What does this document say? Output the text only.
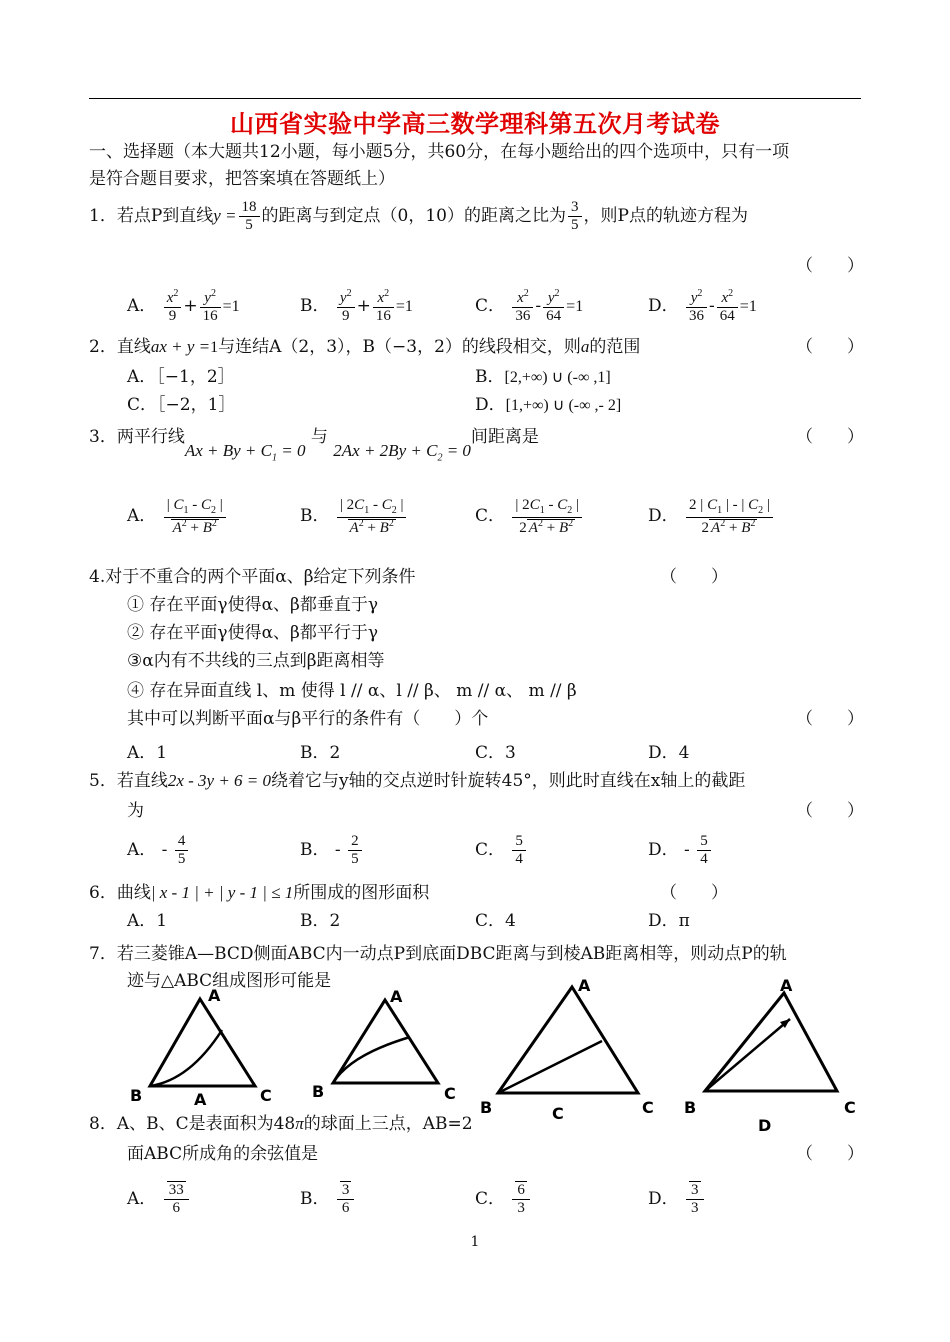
山西省实验中学高三数学理科第五次月考试卷
一、选择题（本大题共12小题，每小题5分，共60分，在每小题给出的四个选项中，只有一项
是符合题目要求，把答案填在答题纸上）
1．若点P到直线$y = \frac{18}{5}$ 的距离与到定点（0，10）的距离之比为 $\frac{3}{5}$ ，则P点的轨迹方程为
（　　）
A． $\frac{x^2}{9} + \frac{y^2}{16} =1$	B． $\frac{y^2}{9} + \frac{x^2}{16} =1$	C． $\frac{x^2}{36} - \frac{y^2}{64} =1$	D． $\frac{y^2}{36} - \frac{x^2}{64} =1$
2．直线ax + y =1与连结A（2，3），B（−3，2）的线段相交，则a的范围	（　　）
A．［−1，2］	B．[2,+∞) ∪ (-∞ ,1]
C．［−2，1］	D．[1,+∞) ∪ (-∞ ,- 2]
3．两平行线$Ax + By + C_1 = 0$ 与 $2Ax + 2By + C_2 = 0$间距离是	（　　）
A． $\frac{| C_1 - C_2 |}{A^2 + B^2}$	B． $\frac{| 2C_1 - C_2 |}{A^2 + B^2}$	C． $\frac{| 2C_1 - C_2 |}{2 A^2 + B^2}$	D． $\frac{2 | C_1 | - | C_2 |}{2 A^2 + B^2}$
4.对于不重合的两个平面α、β给定下列条件	（　　）
① 存在平面γ使得α、β都垂直于γ
② 存在平面γ使得α、β都平行于γ
③α内有不共线的三点到β距离相等
④ 存在异面直线 l、m 使得 l // α、l // β、 m // α、 m // β
其中可以判断平面α与β平行的条件有（　　）个	（　　）
A．1	B．2	C．3	D．4
5．若直线2x - 3y + 6 = 0绕着它与y轴的交点逆时针旋转45°，则此时直线在x轴上的截距
为	（　　）
A． - $\frac{4}{5}$	B． - $\frac{2}{5}$	C． $\frac{5}{4}$	D． - $\frac{5}{4}$
6．曲线| x - 1 | + | y - 1 | ≤ 1所围成的图形面积	（　　）
A．1	B．2	C．4	D．π
7．若三菱锥A—BCD侧面ABC内一动点P到底面DBC距离与到棱AB距离相等，则动点P的轨
迹与△ABC组成图形可能是
A
B	C
A
A
B	C
A
B	C
C
A
B	C
D
8．A、B、C是表面积为48π的球面上三点，AB=2
面ABC所成角的余弦值是	（　　）
A． $\frac{33}{6}$	B． $\frac{3}{6}$	C． $\frac{6}{3}$	D． $\frac{3}{3}$
1
